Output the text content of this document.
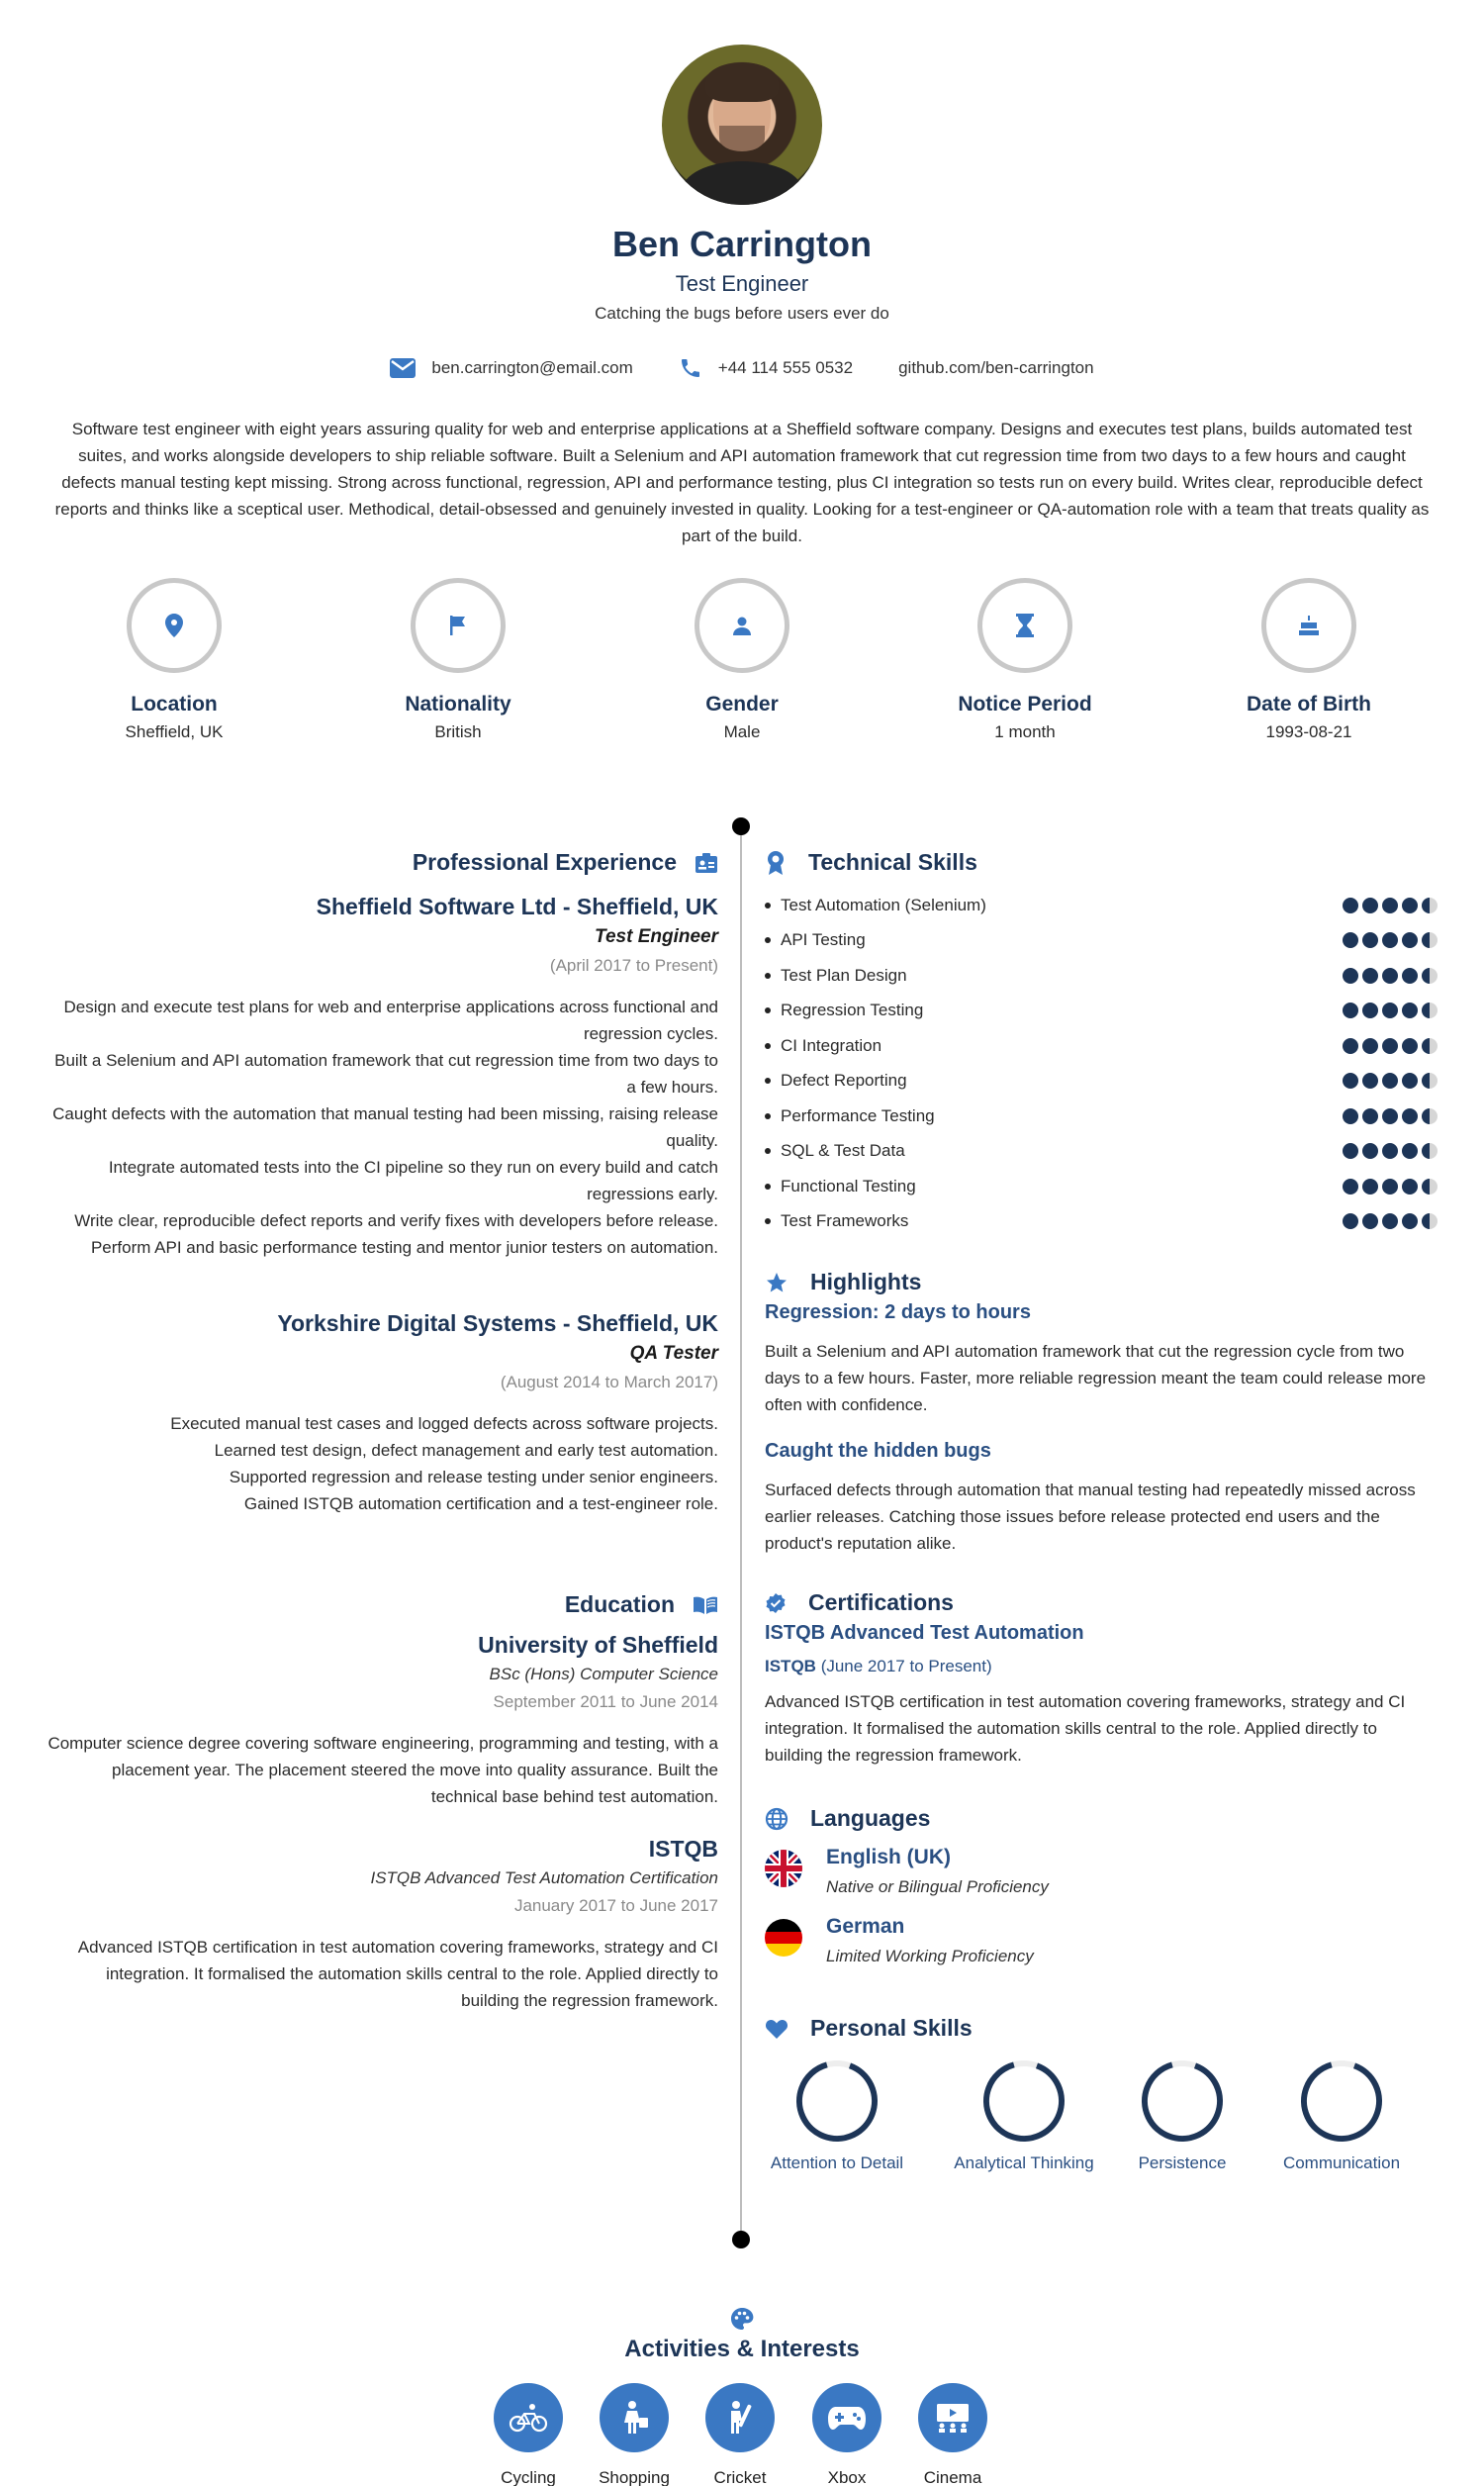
Ben Carrington
Test Engineer
Catching the bugs before users ever do
ben.carrington@email.com	+44 114 555 0532	github.com/ben-carrington
Software test engineer with eight years assuring quality for web and enterprise applications at a Sheffield software company. Designs and executes test plans, builds automated test suites, and works alongside developers to ship reliable software. Built a Selenium and API automation framework that cut regression time from two days to a few hours and caught defects manual testing kept missing. Strong across functional, regression, API and performance testing, plus CI integration so tests run on every build. Writes clear, reproducible defect reports and thinks like a sceptical user. Methodical, detail-obsessed and genuinely invested in quality. Looking for a test-engineer or QA-automation role with a team that treats quality as part of the build.
Location
Sheffield, UK
Nationality
British
Gender
Male
Notice Period
1 month
Date of Birth
1993-08-21
Professional Experience
Sheffield Software Ltd - Sheffield, UK
Test Engineer
(April 2017 to Present)
Design and execute test plans for web and enterprise applications across functional and regression cycles.
Built a Selenium and API automation framework that cut regression time from two days to a few hours.
Caught defects with the automation that manual testing had been missing, raising release quality.
Integrate automated tests into the CI pipeline so they run on every build and catch regressions early.
Write clear, reproducible defect reports and verify fixes with developers before release.
Perform API and basic performance testing and mentor junior testers on automation.
Yorkshire Digital Systems - Sheffield, UK
QA Tester
(August 2014 to March 2017)
Executed manual test cases and logged defects across software projects.
Learned test design, defect management and early test automation.
Supported regression and release testing under senior engineers.
Gained ISTQB automation certification and a test-engineer role.
Education
University of Sheffield
BSc (Hons) Computer Science
September 2011 to June 2014
Computer science degree covering software engineering, programming and testing, with a placement year. The placement steered the move into quality assurance. Built the technical base behind test automation.
ISTQB
ISTQB Advanced Test Automation Certification
January 2017 to June 2017
Advanced ISTQB certification in test automation covering frameworks, strategy and CI integration. It formalised the automation skills central to the role. Applied directly to building the regression framework.
Technical Skills
Test Automation (Selenium)
API Testing
Test Plan Design
Regression Testing
CI Integration
Defect Reporting
Performance Testing
SQL & Test Data
Functional Testing
Test Frameworks
Highlights
Regression: 2 days to hours
Built a Selenium and API automation framework that cut the regression cycle from two days to a few hours. Faster, more reliable regression meant the team could release more often with confidence.
Caught the hidden bugs
Surfaced defects through automation that manual testing had repeatedly missed across earlier releases. Catching those issues before release protected end users and the product's reputation alike.
Certifications
ISTQB Advanced Test Automation
ISTQB (June 2017 to Present)
Advanced ISTQB certification in test automation covering frameworks, strategy and CI integration. It formalised the automation skills central to the role. Applied directly to building the regression framework.
Languages
English (UK)
Native or Bilingual Proficiency
German
Limited Working Proficiency
Personal Skills
Attention to Detail	Analytical Thinking	Persistence	Communication
Activities & Interests
Cycling	Shopping	Cricket	Xbox	Cinema
